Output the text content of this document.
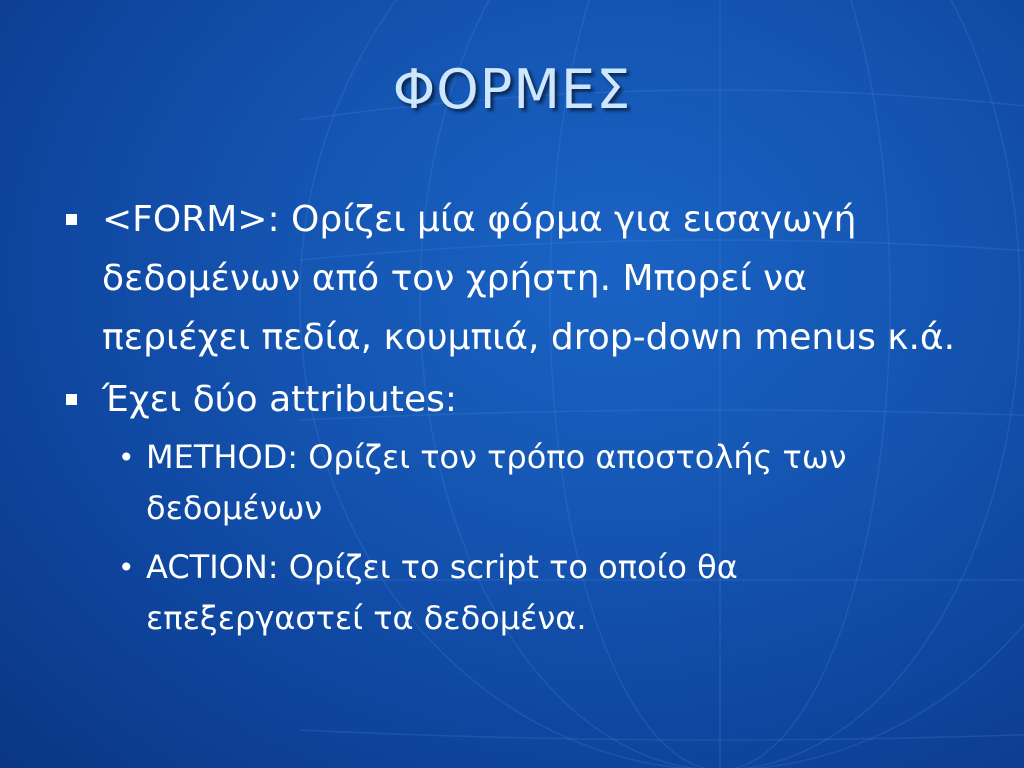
ΦΟΡΜΕΣ
<FORM>: Ορίζει μία φόρμα για εισαγωγή δεδομένων από τον χρήστη. Μπορεί να περιέχει πεδία, κουμπιά, drop-down menus κ.ά.
Έχει δύο attributes:
• METHOD: Ορίζει τον τρόπο αποστολής των δεδομένων
• ACTION: Ορίζει το script το οποίο θα επεξεργαστεί τα δεδομένα.
